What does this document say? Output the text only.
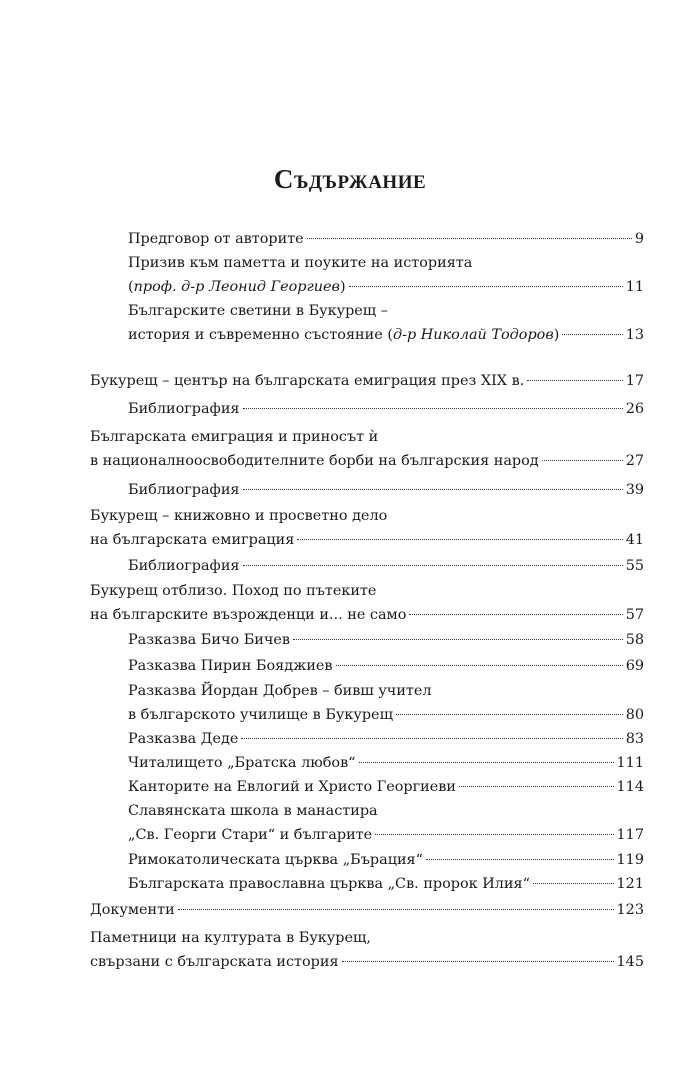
Съдържание
Предговор от авторите	9
Призив към паметта и поуките на историята
(проф. д-р Леонид Георгиев)	11
Българските светини в Букурещ –
история и съвременно състояние (д-р Николай Тодоров)	13
Букурещ – център на българската емиграция през XIX в.	17
Библиография	26
Българската емиграция и приносът ѝ
в националноосвободителните борби на българския народ	27
Библиография	39
Букурещ – книжовно и просветно дело
на българската емиграция	41
Библиография	55
Букурещ отблизо. Поход по пътеките
на българските възрожденци и... не само	57
Разказва Бичо Бичев	58
Разказва Пирин Бояджиев	69
Разказва Йордан Добрев – бивш учител
в българското училище в Букурещ	80
Разказва Деде	83
Читалището „Братска любов“	111
Канторите на Евлогий и Христо Георгиеви	114
Славянската школа в манастира
„Св. Георги Стари“ и българите	117
Римокатолическата църква „Бърация“	119
Българската православна църква „Св. пророк Илия“	121
Документи	123
Паметници на културата в Букурещ,
свързани с българската история	145
